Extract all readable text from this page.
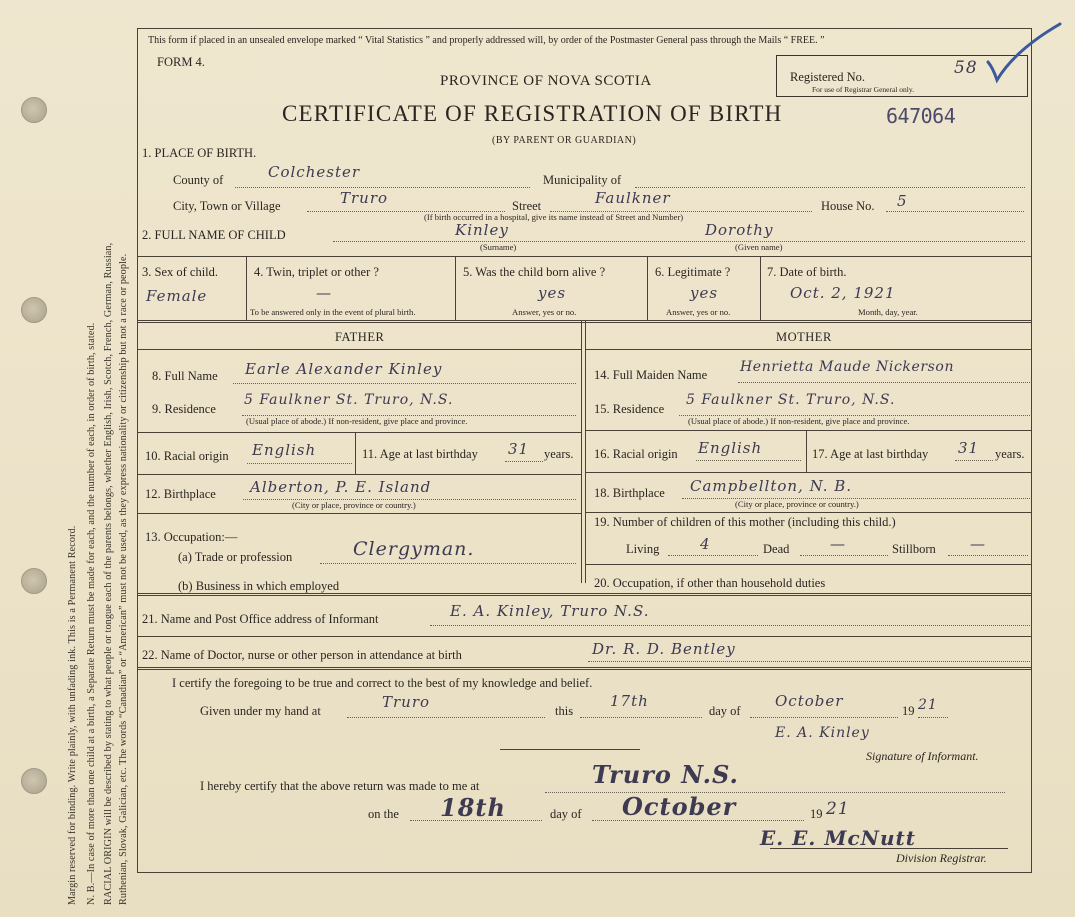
Margin reserved for binding. Write plainly, with unfading ink. This is a Permanent Record. N. B.—In case of more than one child at a birth, a Separate Return must be made for each, and the number of each, in order of birth, stated. RACIAL ORIGIN will be described by stating to what people or tongue each of the parents belongs, whether English, Irish, Scotch, French, German, Russian, Ruthenian, Slovak, Galician, etc. The words “Canadian” or “American” must not be used, as they express nationality or citizenship but not a race or people.
This form if placed in an unsealed envelope marked “ Vital Statistics ” and properly addressed will, by order of the Postmaster General pass through the Mails “ FREE. ”
FORM 4.
PROVINCE OF NOVA SCOTIA
CERTIFICATE OF REGISTRATION OF BIRTH
(BY PARENT OR GUARDIAN)
647064
Registered No.	58
For use of Registrar General only.
1. PLACE OF BIRTH.
County of	Colchester	Municipality of
City, Town or Village	Truro	Street	Faulkner
(If birth occurred in a hospital, give its name instead of Street and Number)
House No. 5
2. FULL NAME OF CHILD	Kinley
(Surname)
Dorothy
(Given name)
3. Sex of child.
Female
4. Twin, triplet or other ?
—
To be answered only in the event of plural birth.
5. Was the child born alive ?
yes
Answer, yes or no.
6. Legitimate ?
yes
Answer, yes or no.
7. Date of birth.
Oct. 2, 1921
Month, day, year.
FATHER	MOTHER
8. Full Name Earle Alexander Kinley
9. Residence
5 Faulkner St. Truro, N.S.
(Usual place of abode.) If non-resident, give place and province.
10. Racial origin English	11. Age at last birthday 31 years.
12. Birthplace Alberton, P. E. Island
(City or place, province or country.)
13. Occupation:—
(a) Trade or profession	Clergyman.
(b) Business in which employed
14. Full Maiden Name Henrietta Maude Nickerson
15. Residence
5 Faulkner St. Truro, N.S.
(Usual place of abode.) If non-resident, give place and province.
16. Racial origin English	17. Age at last birthday 31 years.
18. Birthplace Campbellton, N. B.
(City or place, province or country.)
19. Number of children of this mother (including this child.)
Living	4	Dead	—	Stillborn —
20. Occupation, if other than household duties
21. Name and Post Office address of Informant	E. A. Kinley, Truro N.S.
22. Name of Doctor, nurse or other person in attendance at birth	Dr. R. D. Bentley
I certify the foregoing to be true and correct to the best of my knowledge and belief.
Given under my hand at	Truro	this
17th
day of
October
19 21
E. A. Kinley
Signature of Informant.
I hereby certify that the above return was made to me at	Truro N.S.
on the 18th	day of October	19 21
E. E. McNutt
Division Registrar.
